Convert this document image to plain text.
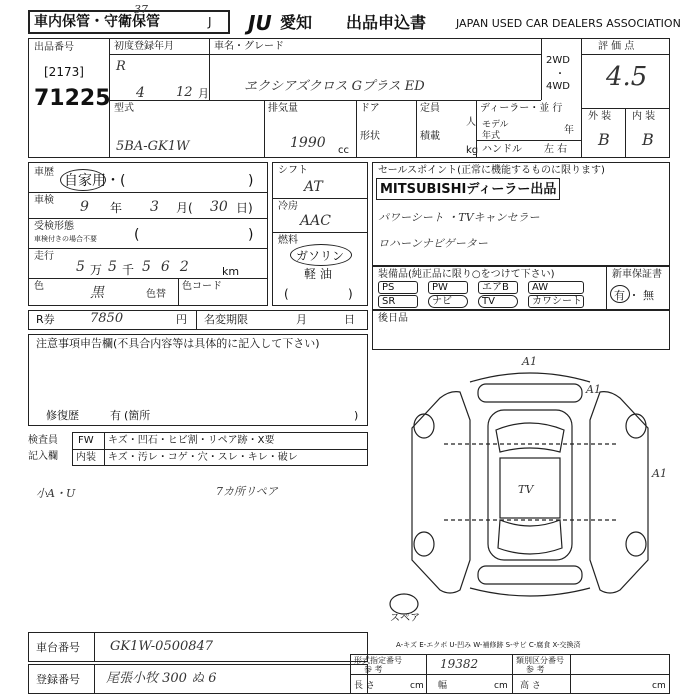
車内保管・守衛保管	J
37
JU 愛知 出品申込書	JAPAN USED CAR DEALERS ASSOCIATION
出品番号
[2173]
71225
初度登録年月
R
4 12 月
車名・グレード
ヱクシアズクロス Gプラス ED
2WD
・
4WD
評 価 点
4.5
外 装 内 装
B B
型式
5BA-GK1W
排気量
1990 cc
ドア
形状
定員
人
積載
kg
ディーラー・並 行
モデル
年式	年
ハンドル 左 右
車歴
自家用・(	)
車検 9 年 3 月( 30 日)
受検形態
車検付きの場合不要	(	)
走行
5 万 5 千 562 km
色	黒	色替
色コード
シフト
AT
冷房
AAC
燃料
ガソリン
軽 油
(	)
セールスポイント(正常に機能するものに限ります)
MITSUBISHIディーラー出品
パワーシート ・TVキャンセラー
ロハーンナビゲーター
装備品(純正品に限り○をつけて下さい)	新車保証書
有 ・ 無
PS	PW	エアB AW
SR	ナビ	TV	カワシート
R券	7850	円 名変期限	月	日 後日品
注意事項申告欄(不具合内容等は具体的に記入して下さい)
修復歴	有 (箇所	)
検査員
記入欄
FW キズ・凹石・ヒビ割・リペア跡・X要
内装 キズ・汚レ・コゲ・穴・スレ・キレ・破レ
小A・U	7カ所リペア
A1
A1
A1
TV
スペア
A-キズ E-エクボ U-凹み W-補修跡 S-サビ C-腐食 X-交換済
車台番号 GK1W-0500847
登録番号 尾張小牧 300 ぬ 6
形式指定番号
参 考	19382	類別区分番号
参 考
長 さ	cm 幅	cm 高 さ	cm
